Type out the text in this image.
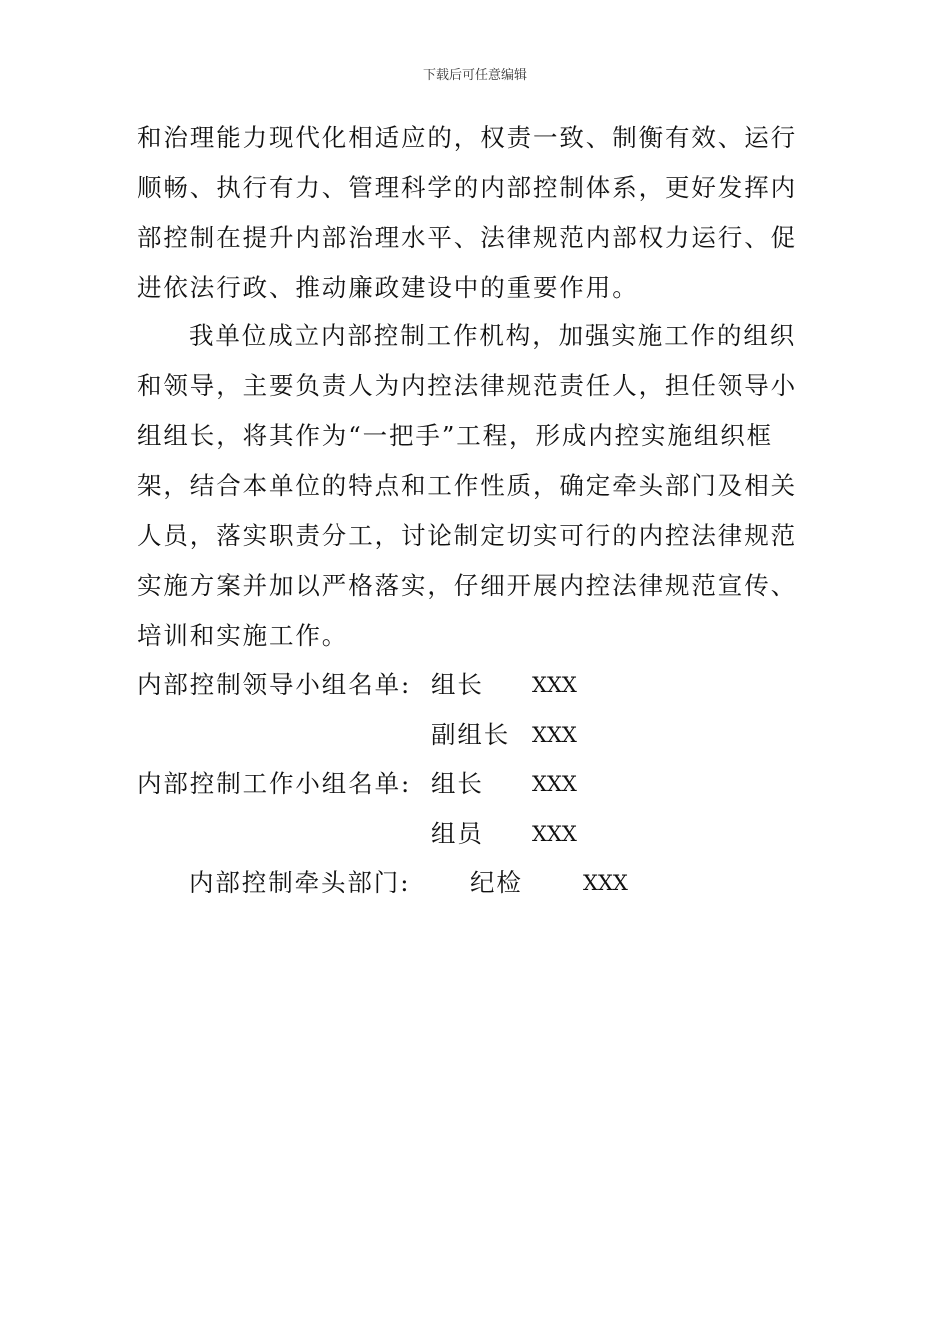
下载后可任意编辑
和治理能力现代化相适应的，权责一致、制衡有效、运行顺畅、执行有力、管理科学的内部控制体系，更好发挥内部控制在提升内部治理水平、法律规范内部权力运行、促进依法行政、推动廉政建设中的重要作用。
我单位成立内部控制工作机构，加强实施工作的组织和领导，主要负责人为内控法律规范责任人，担任领导小组组长，将其作为“一把手”工程，形成内控实施组织框架，结合本单位的特点和工作性质，确定牵头部门及相关人员，落实职责分工，讨论制定切实可行的内控法律规范实施方案并加以严格落实，仔细开展内控法律规范宣传、培训和实施工作。
内部控制领导小组名单: 组长 XXX
副组长 XXX
内部控制工作小组名单: 组长 XXX
组员 XXX
内部控制牵头部门: 纪检	XXX
